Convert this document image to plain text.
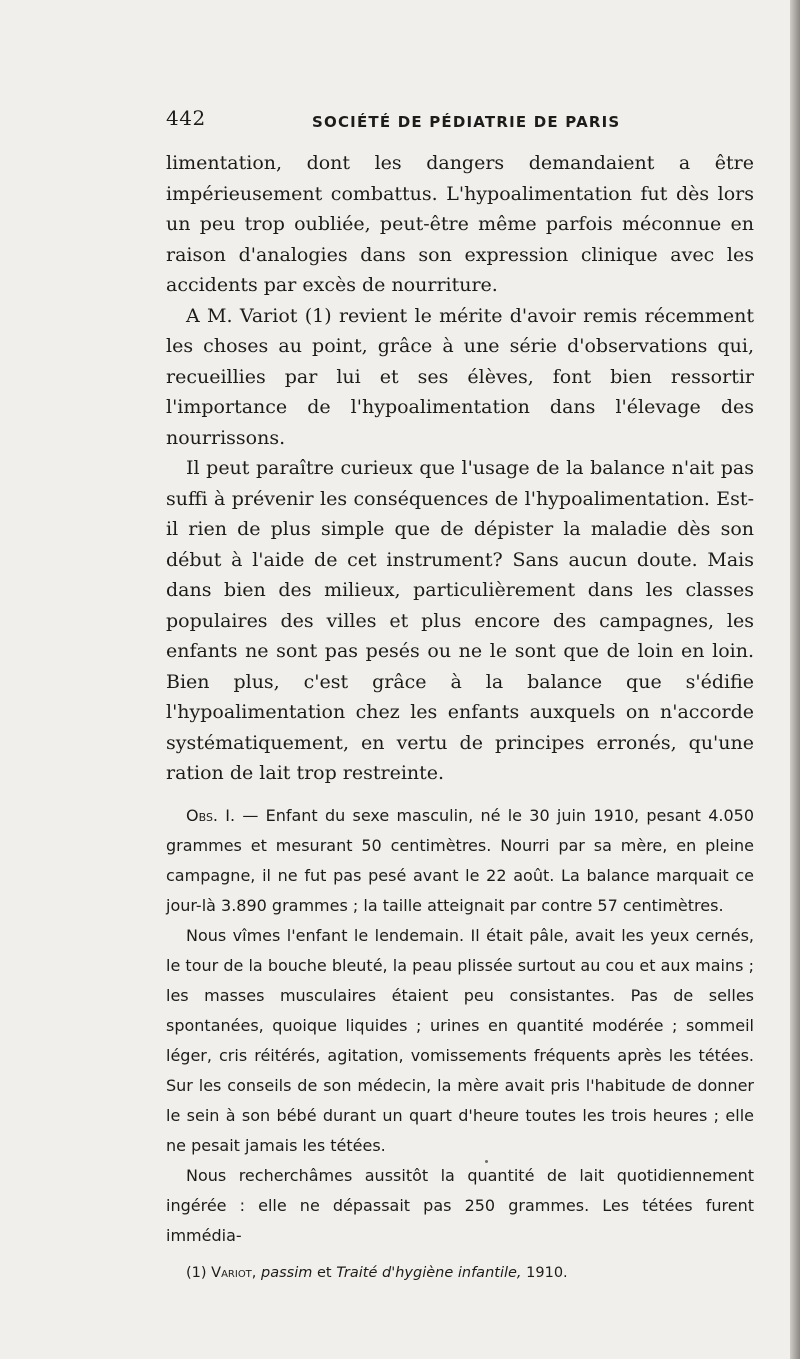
442	SOCIÉTÉ DE PÉDIATRIE DE PARIS

limentation, dont les dangers demandaient a être impérieusement combattus. L'hypoalimentation fut dès lors un peu trop oubliée, peut-être même parfois méconnue en raison d'analogies dans son expression clinique avec les accidents par excès de nourriture.

A M. Variot (1) revient le mérite d'avoir remis récemment les choses au point, grâce à une série d'observations qui, recueillies par lui et ses élèves, font bien ressortir l'importance de l'hypoalimentation dans l'élevage des nourrissons.

Il peut paraître curieux que l'usage de la balance n'ait pas suffi à prévenir les conséquences de l'hypoalimentation. Est-il rien de plus simple que de dépister la maladie dès son début à l'aide de cet instrument? Sans aucun doute. Mais dans bien des milieux, particulièrement dans les classes populaires des villes et plus encore des campagnes, les enfants ne sont pas pesés ou ne le sont que de loin en loin. Bien plus, c'est grâce à la balance que s'édifie l'hypoalimentation chez les enfants auxquels on n'accorde systématiquement, en vertu de principes erronés, qu'une ration de lait trop restreinte.

Obs. I. — Enfant du sexe masculin, né le 30 juin 1910, pesant 4.050 grammes et mesurant 50 centimètres. Nourri par sa mère, en pleine campagne, il ne fut pas pesé avant le 22 août. La balance marquait ce jour-là 3.890 grammes ; la taille atteignait par contre 57 centimètres.

Nous vîmes l'enfant le lendemain. Il était pâle, avait les yeux cernés, le tour de la bouche bleuté, la peau plissée surtout au cou et aux mains ; les masses musculaires étaient peu consistantes. Pas de selles spontanées, quoique liquides ; urines en quantité modérée ; sommeil léger, cris réitérés, agitation, vomissements fréquents après les tétées. Sur les conseils de son médecin, la mère avait pris l'habitude de donner le sein à son bébé durant un quart d'heure toutes les trois heures ; elle ne pesait jamais les tétées.

Nous recherchâmes aussitôt la quantité de lait quotidiennement ingérée : elle ne dépassait pas 250 grammes. Les tétées furent immédia-

(1) Variot, passim et Traité d'hygiène infantile, 1910.
